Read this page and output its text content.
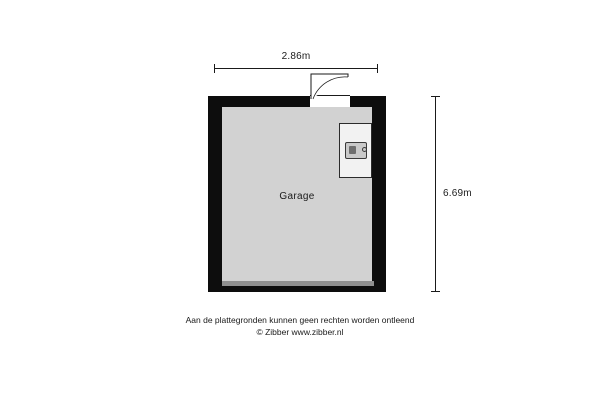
2.86m
6.69m
Garage
Aan de plattegronden kunnen geen rechten worden ontleend
© Zibber www.zibber.nl
